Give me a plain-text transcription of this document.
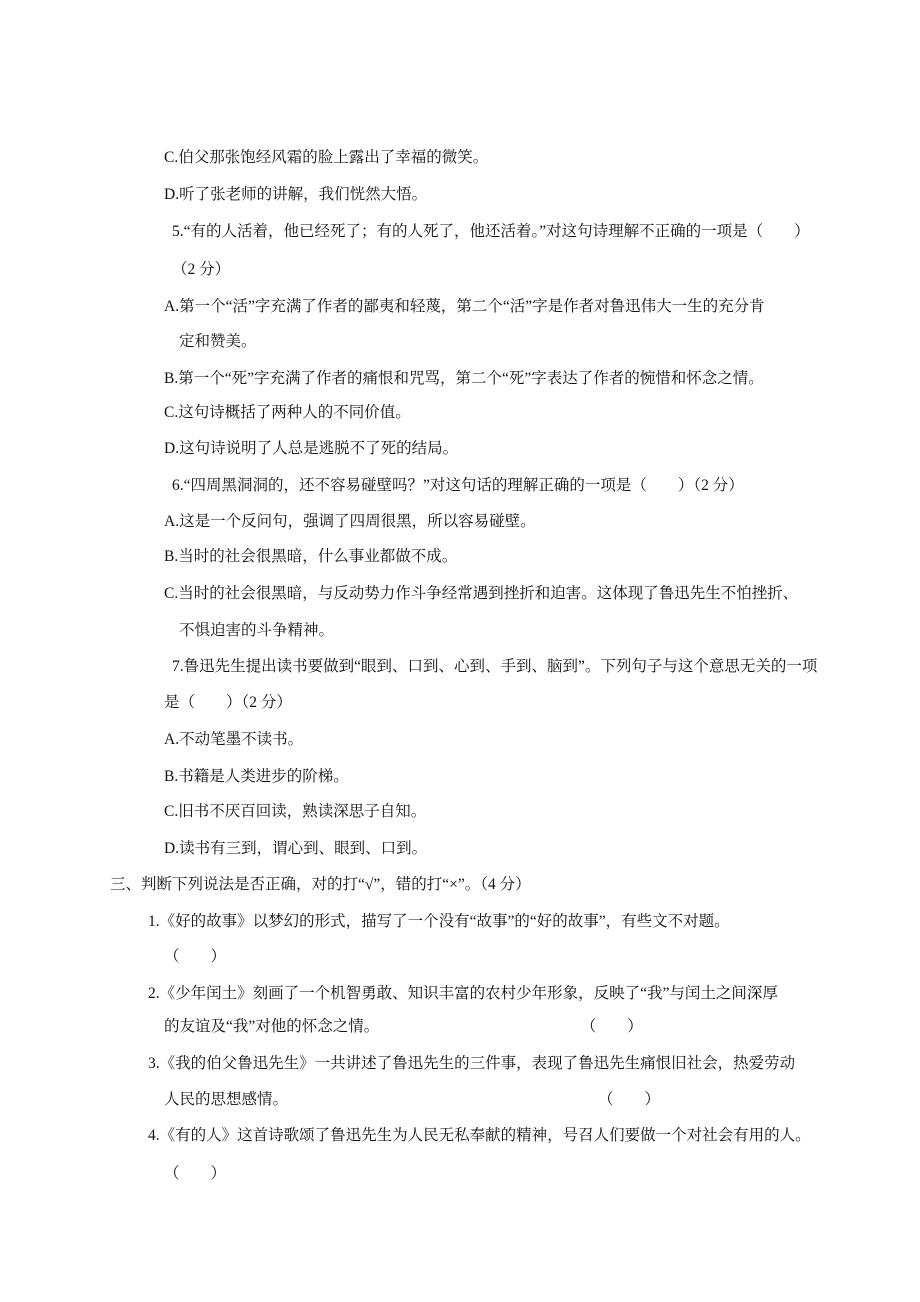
C.伯父那张饱经风霜的脸上露出了幸福的微笑。
D.听了张老师的讲解，我们恍然大悟。
5.“有的人活着，他已经死了；有的人死了，他还活着。”对这句诗理解不正确的一项是（　　）
（2 分）
A.第一个“活”字充满了作者的鄙夷和轻蔑，第二个“活”字是作者对鲁迅伟大一生的充分肯
定和赞美。
B.第一个“死”字充满了作者的痛恨和咒骂，第二个“死”字表达了作者的惋惜和怀念之情。
C.这句诗概括了两种人的不同价值。
D.这句诗说明了人总是逃脱不了死的结局。
6.“四周黑洞洞的，还不容易碰壁吗？”对这句话的理解正确的一项是（　　）（2 分）
A.这是一个反问句，强调了四周很黑，所以容易碰壁。
B.当时的社会很黑暗，什么事业都做不成。
C.当时的社会很黑暗，与反动势力作斗争经常遇到挫折和迫害。这体现了鲁迅先生不怕挫折、
不惧迫害的斗争精神。
7.鲁迅先生提出读书要做到“眼到、口到、心到、手到、脑到”。下列句子与这个意思无关的一项
是（　　）（2 分）
A.不动笔墨不读书。
B.书籍是人类进步的阶梯。
C.旧书不厌百回读，熟读深思子自知。
D.读书有三到，谓心到、眼到、口到。
三、判断下列说法是否正确，对的打“√”，错的打“×”。（4 分）
1.《好的故事》以梦幻的形式，描写了一个没有“故事”的“好的故事”，有些文不对题。
（　　）
2.《少年闰土》刻画了一个机智勇敢、知识丰富的农村少年形象，反映了“我”与闰土之间深厚
的友谊及“我”对他的怀念之情。　　　　　　　　　　　　　　（　　）
3.《我的伯父鲁迅先生》一共讲述了鲁迅先生的三件事，表现了鲁迅先生痛恨旧社会，热爱劳动
人民的思想感情。　　　　　　　　　　　　　　　　　　　　　（　　）
4.《有的人》这首诗歌颂了鲁迅先生为人民无私奉献的精神，号召人们要做一个对社会有用的人。
（　　）
